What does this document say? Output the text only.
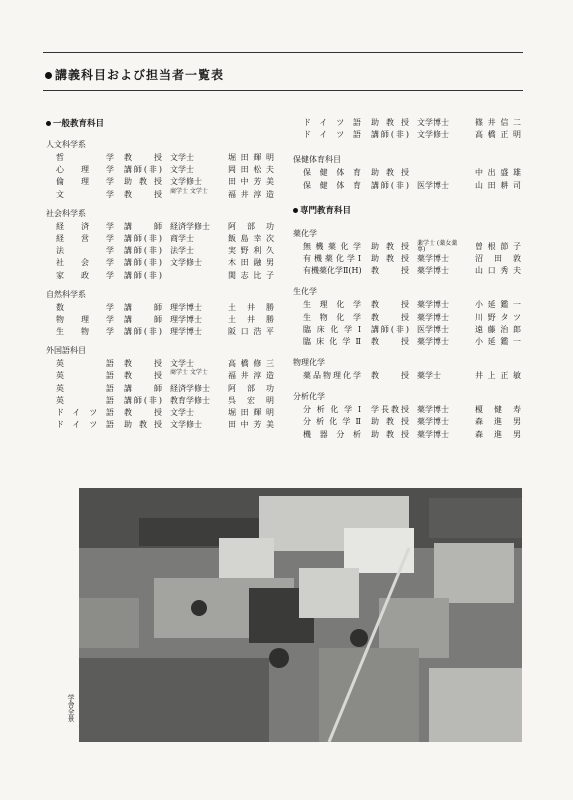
講義科目および担当者一覧表
一般教育科目
人文科学系
哲学 教授 文学士	堀田輝明
心理学 講師(非) 文学士	岡田松夫
倫理学 助教授 文学修士	田中芳美
文学 教授 商学士 文学士	福井淳造
社会科学系
経済学 講師 経済学修士	阿部功
経営学 講師(非) 商学士	飯島幸次
法学 講師(非) 法学士	実野利久
社会学 講師(非) 文学修士	木田融男
家政学 講師(非)	関志比子
自然科学系
数学 講師 理学博士	土井勝
物理学 講師 理学博士	土井勝
生物学 講師(非) 理学博士	阪口浩平
外国語科目
英語 教授 文学士	高橋修三
英語 教授 商学士 文学士	福井淳造
英語 講師 経済学修士	阿部功
英語 講師(非) 教育学修士	呉宏明
ドイツ語 教授 文学士	堀田輝明
ドイツ語 助教授 文学修士	田中芳美
ドイツ語 助教授 文学博士	篠井信二
ドイツ語 講師(非) 文学修士	高橋正明
保健体育科目
保健体育 助教授	中出盛雄
保健体育 講師(非) 医学博士	山田耕司
専門教育科目
薬化学
無機薬化学 助教授 薬学士 (薬女薬専)	曽根節子
有機薬化学Ⅰ 助教授 薬学博士	沼田敦
有機薬化学Ⅱ(H) 教授 薬学博士	山口秀夫
生化学
生理化学 教授 薬学博士	小延鑑一
生物化学 教授 薬学博士	川野タツ
臨床化学Ⅰ 講師(非) 医学博士	遠藤治郎
臨床化学Ⅱ 教授 薬学博士	小延鑑一
物理化学
薬品物理化学 教授 薬学士	井上正敏
分析化学
分析化学Ⅰ 学長教授 薬学博士	榎健寿
分析化学Ⅱ 助教授 薬学博士	森進男
機器分析 助教授 薬学博士	森進男
学舎全景
